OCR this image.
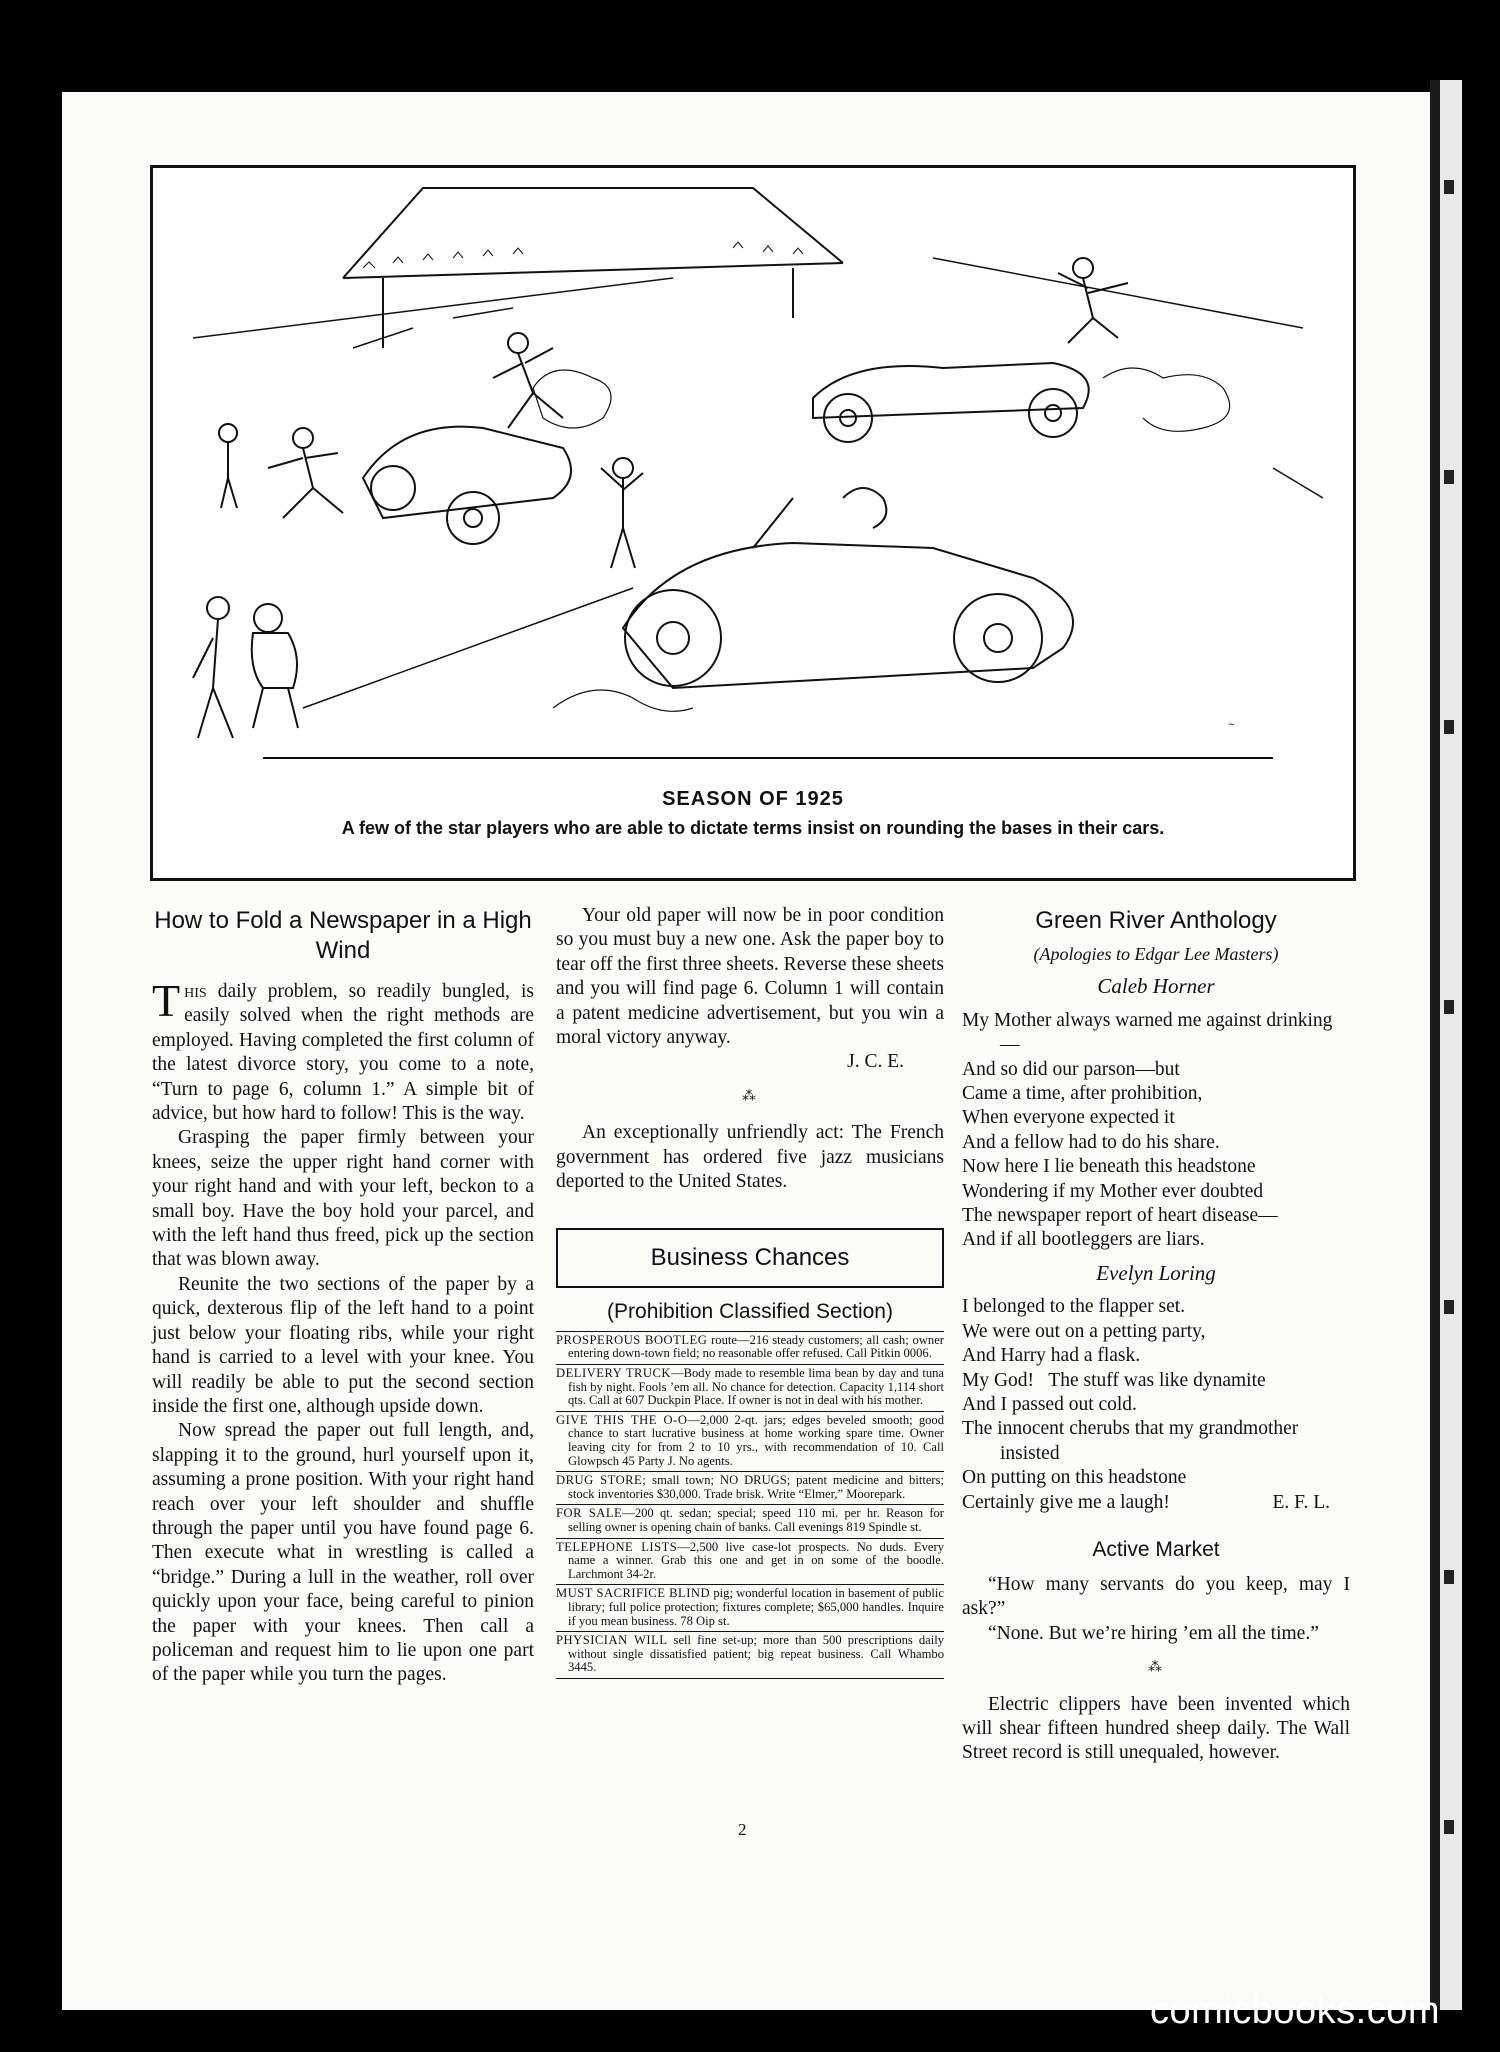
~
SEASON OF 1925
A few of the star players who are able to dictate terms insist on rounding the bases in their cars.
How to Fold a Newspaper in a High Wind

This daily problem, so readily bungled, is easily solved when the right methods are employed. Having completed the first column of the latest divorce story, you come to a note, “Turn to page 6, column 1.” A simple bit of advice, but how hard to follow! This is the way.

Grasping the paper firmly between your knees, seize the upper right hand corner with your right hand and with your left, beckon to a small boy. Have the boy hold your parcel, and with the left hand thus freed, pick up the section that was blown away.

Reunite the two sections of the paper by a quick, dexterous flip of the left hand to a point just below your floating ribs, while your right hand is carried to a level with your knee. You will readily be able to put the second section inside the first one, although upside down.

Now spread the paper out full length, and, slapping it to the ground, hurl yourself upon it, assuming a prone position. With your right hand reach over your left shoulder and shuffle through the paper until you have found page 6. Then execute what in wrestling is called a “bridge.” During a lull in the weather, roll over quickly upon your face, being careful to pinion the paper with your knees. Then call a policeman and request him to lie upon one part of the paper while you turn the pages.

Your old paper will now be in poor condition so you must buy a new one. Ask the paper boy to tear off the first three sheets. Reverse these sheets and you will find page 6. Column 1 will contain a patent medicine advertisement, but you win a moral victory anyway.

J. C. E.

⁂

An exceptionally unfriendly act: The French government has ordered five jazz musicians deported to the United States.

Business Chances
(Prohibition Classified Section)
PROSPEROUS BOOTLEG route—216 steady customers; all cash; owner entering down-town field; no reasonable offer refused. Call Pitkin 0006.
DELIVERY TRUCK—Body made to resemble lima bean by day and tuna fish by night. Fools ’em all. No chance for detection. Capacity 1,114 short qts. Call at 607 Duckpin Place. If owner is not in deal with his mother.
GIVE THIS THE O-O—2,000 2-qt. jars; edges beveled smooth; good chance to start lucrative business at home working spare time. Owner leaving city for from 2 to 10 yrs., with recommendation of 10. Call Glowpsch 45 Party J. No agents.
DRUG STORE; small town; NO DRUGS; patent medicine and bitters; stock inventories $30,000. Trade brisk. Write “Elmer,” Moorepark.
FOR SALE—200 qt. sedan; special; speed 110 mi. per hr. Reason for selling owner is opening chain of banks. Call evenings 819 Spindle st.
TELEPHONE LISTS—2,500 live case-lot prospects. No duds. Every name a winner. Grab this one and get in on some of the boodle. Larchmont 34-2r.
MUST SACRIFICE BLIND pig; wonderful location in basement of public library; full police protection; fixtures complete; $65,000 handles. Inquire if you mean business. 78 Oip st.
PHYSICIAN WILL sell fine set-up; more than 500 prescriptions daily without single dissatisfied patient; big repeat business. Call Whambo 3445.
Green River Anthology

(Apologies to Edgar Lee Masters)

Caleb Horner

My Mother always warned me against drinking—

And so did our parson—but

Came a time, after prohibition,

When everyone expected it

And a fellow had to do his share.

Now here I lie beneath this headstone

Wondering if my Mother ever doubted

The newspaper report of heart disease—

And if all bootleggers are liars.

Evelyn Loring

I belonged to the flapper set.

We were out on a petting party,

And Harry had a flask.

My God!   The stuff was like dynamite

And I passed out cold.

The innocent cherubs that my grandmother insisted

On putting on this headstone

Certainly give me a laugh!	E. F. L.

Active Market

“How many servants do you keep, may I ask?”

“None. But we’re hiring ’em all the time.”

⁂

Electric clippers have been invented which will shear fifteen hundred sheep daily. The Wall Street record is still unequaled, however.

2
comicbooks.com
